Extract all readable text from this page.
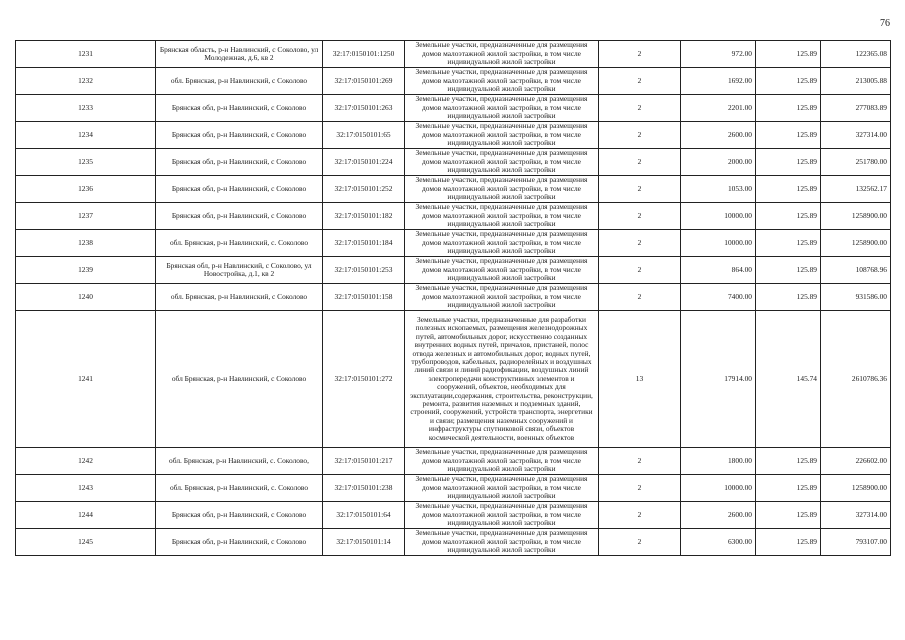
76
1231	Брянская область, р-н Навлинский, с Соколово, ул Молодежная, д.6, кв 2	32:17:0150101:1250	Земельные участки, предназначенные для размещения домов малоэтажной жилой застройки, в том числе индивидуальной жилой застройки	2	972.00	125.89	122365.08
1232	обл. Брянская, р-н Навлинский, с Соколово	32:17:0150101:269	Земельные участки, предназначенные для размещения домов малоэтажной жилой застройки, в том числе индивидуальной жилой застройки	2	1692.00	125.89	213005.88
1233	Брянская обл, р-н Навлинский, с Соколово	32:17:0150101:263	Земельные участки, предназначенные для размещения домов малоэтажной жилой застройки, в том числе индивидуальной жилой застройки	2	2201.00	125.89	277083.89
1234	Брянская обл, р-н Навлинский, с Соколово	32:17:0150101:65	Земельные участки, предназначенные для размещения домов малоэтажной жилой застройки, в том числе индивидуальной жилой застройки	2	2600.00	125.89	327314.00
1235	Брянская обл, р-н Навлинский, с Соколово	32:17:0150101:224	Земельные участки, предназначенные для размещения домов малоэтажной жилой застройки, в том числе индивидуальной жилой застройки	2	2000.00	125.89	251780.00
1236	Брянская обл, р-н Навлинский, с Соколово	32:17:0150101:252	Земельные участки, предназначенные для размещения домов малоэтажной жилой застройки, в том числе индивидуальной жилой застройки	2	1053.00	125.89	132562.17
1237	Брянская обл, р-н Навлинский, с Соколово	32:17:0150101:182	Земельные участки, предназначенные для размещения домов малоэтажной жилой застройки, в том числе индивидуальной жилой застройки	2	10000.00	125.89	1258900.00
1238	обл. Брянская, р-н Навлинский, с. Соколово	32:17:0150101:184	Земельные участки, предназначенные для размещения домов малоэтажной жилой застройки, в том числе индивидуальной жилой застройки	2	10000.00	125.89	1258900.00
1239	Брянская обл, р-н Навлинский, с Соколово, ул Новостройка, д.1, кв 2	32:17:0150101:253	Земельные участки, предназначенные для размещения домов малоэтажной жилой застройки, в том числе индивидуальной жилой застройки	2	864.00	125.89	108768.96
1240	обл. Брянская, р-н Навлинский, с Соколово	32:17:0150101:158	Земельные участки, предназначенные для размещения домов малоэтажной жилой застройки, в том числе индивидуальной жилой застройки	2	7400.00	125.89	931586.00
1241	обл Брянская, р-н Навлинский, с Соколово	32:17:0150101:272	Земельные участки, предназначенные для разработки полезных ископаемых, размещения железнодорожных путей, автомобильных дорог, искусственно созданных внутренних водных путей, причалов, пристаней, полос отвода железных и автомобильных дорог, водных путей, трубопроводов, кабельных, радиорелейных и воздушных линий связи и линий радиофикации, воздушных линий электропередачи конструктивных элементов и сооружений, объектов, необходимых для эксплуатации,содержания, строительства, реконструкции, ремонта, развития наземных и подземных зданий, строений, сооружений, устройств транспорта, энергетики и связи; размещения наземных сооружений и инфраструктуры спутниковой связи, объектов космической деятельности, военных объектов	13	17914.00	145.74	2610786.36
1242	обл. Брянская, р-н Навлинский, с. Соколово,	32:17:0150101:217	Земельные участки, предназначенные для размещения домов малоэтажной жилой застройки, в том числе индивидуальной жилой застройки	2	1800.00	125.89	226602.00
1243	обл. Брянская, р-н Навлинский, с. Соколово	32:17:0150101:238	Земельные участки, предназначенные для размещения домов малоэтажной жилой застройки, в том числе индивидуальной жилой застройки	2	10000.00	125.89	1258900.00
1244	Брянская обл, р-н Навлинский, с Соколово	32:17:0150101:64	Земельные участки, предназначенные для размещения домов малоэтажной жилой застройки, в том числе индивидуальной жилой застройки	2	2600.00	125.89	327314.00
1245	Брянская обл, р-н Навлинский, с Соколово	32:17:0150101:14	Земельные участки, предназначенные для размещения домов малоэтажной жилой застройки, в том числе индивидуальной жилой застройки	2	6300.00	125.89	793107.00
